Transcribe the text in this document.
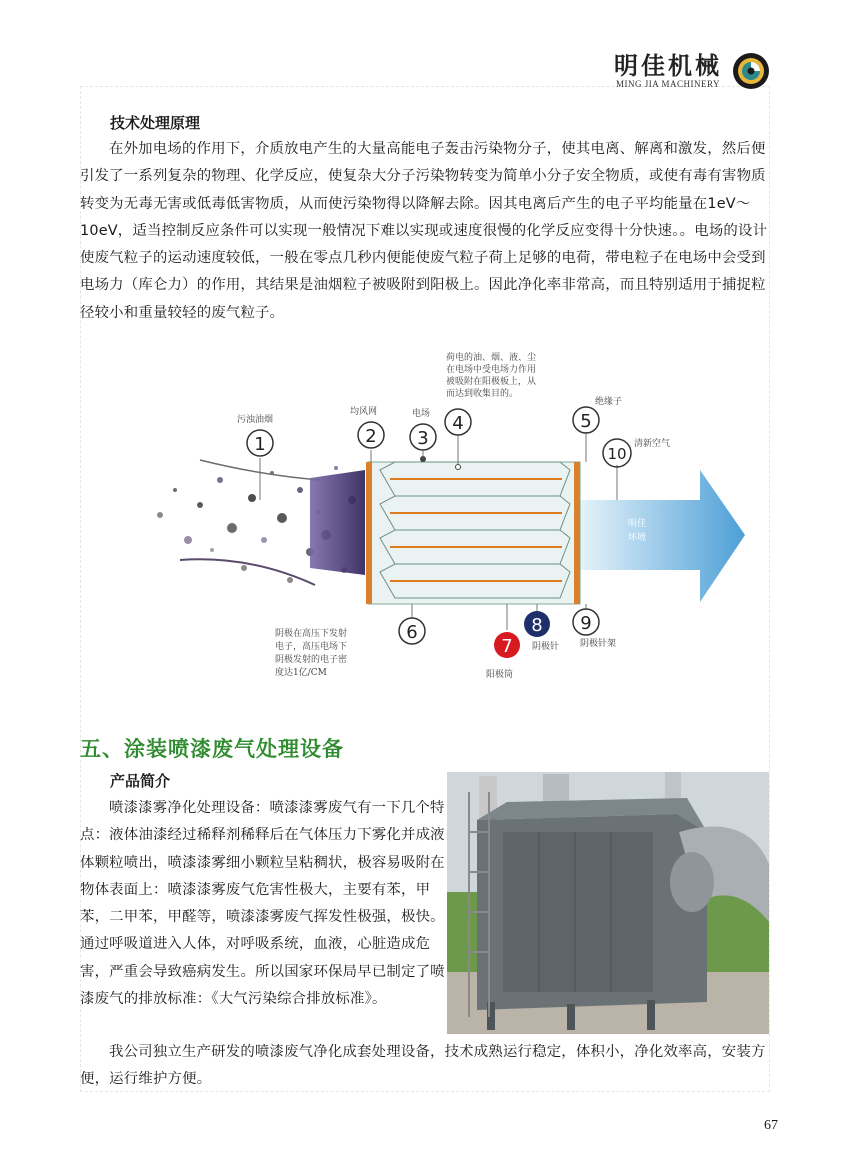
明佳机械
MING JIA MACHINERY
技术处理原理

在外加电场的作用下，介质放电产生的大量高能电子轰击污染物分子，使其电离、解离和激发，然后便引发了一系列复杂的物理、化学反应，使复杂大分子污染物转变为简单小分子安全物质，或使有毒有害物质转变为无毒无害或低毒低害物质，从而使污染物得以降解去除。因其电离后产生的电子平均能量在1eV～10eV，适当控制反应条件可以实现一般情况下难以实现或速度很慢的化学反应变得十分快速。。电场的设计使废气粒子的运动速度较低，一般在零点几秒内便能使废气粒子荷上足够的电荷，带电粒子在电场中会受到电场力（库仑力）的作用，其结果是油烟粒子被吸附到阳极上。因此净化率非常高，而且特别适用于捕捉粒径较小和重量较轻的废气粒子。

1	2 3
4	5
10
6
7
8 9
污浊油烟
均风网	电场
荷电的油、烟、液、尘
在电场中受电场力作用
被吸附在阳极板上，从
而达到收集目的。
绝缘子
清新空气
明佳
环境
阴极在高压下发射
电子，高压电场下
阴极发射的电子密
度达1亿/CM
阴极针 阴极针架
阳极筒
五、涂装喷漆废气处理设备
产品简介

喷漆漆雾净化处理设备：喷漆漆雾废气有一下几个特点：液体油漆经过稀释剂稀释后在气体压力下雾化并成液体颗粒喷出，喷漆漆雾细小颗粒呈粘稠状，极容易吸附在物体表面上：喷漆漆雾废气危害性极大，主要有苯，甲苯，二甲苯，甲醛等，喷漆漆雾废气挥发性极强，极快。通过呼吸道进入人体，对呼吸系统，血液，心脏造成危害，严重会导致癌病发生。所以国家环保局早已制定了喷漆废气的排放标准：《大气污染综合排放标准》。

我公司独立生产研发的喷漆废气净化成套处理设备，技术成熟运行稳定，体积小，净化效率高，安装方便，运行维护方便。

67
